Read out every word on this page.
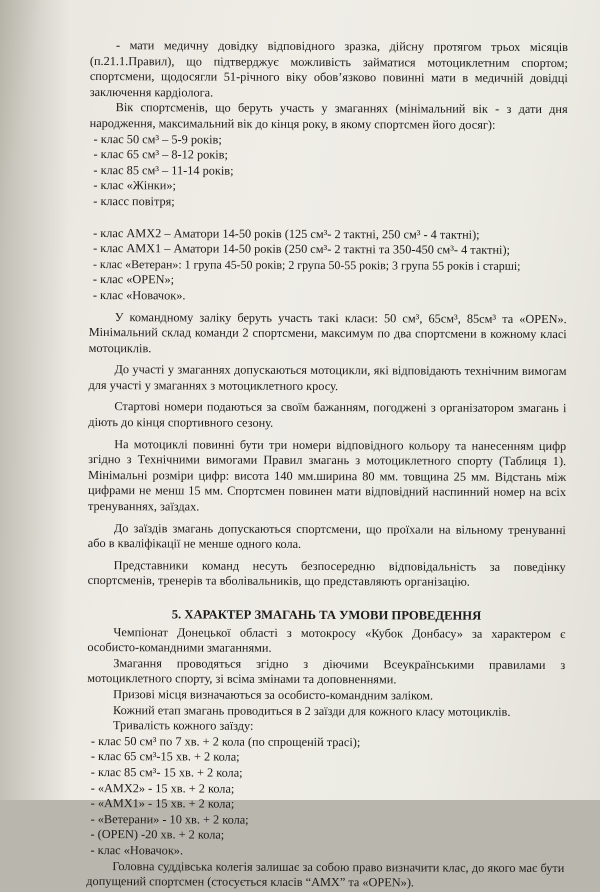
- мати медичну довідку відповідного зразка, дійсну протягом трьох місяців (п.21.1.Правил), що підтверджує можливість займатися мотоциклетним спортом; спортсмени, щодосягли 51-річного віку обов’язково повинні мати в медичній довідці заключення кардіолога.

Вік спортсменів, що беруть участь у змаганнях (мінімальний вік - з дати дня народження, максимальний вік до кінця року, в якому спортсмен його досяг):

- клас 50 см³ – 5-9 років;

- клас 65 см³ – 8-12 років;

- клас 85 см³ – 11-14 років;

- клас «Жінки»;

- класс повітря;

- клас АМХ2 – Аматори 14-50 років (125 см³- 2 тактні, 250 см³ - 4 тактні);

- клас АМХ1 – Аматори 14-50 років (250 см³- 2 тактні та 350-450 см³- 4 тактні);

- клас «Ветеран»: 1 група 45-50 років; 2 група 50-55 років; 3 група 55 років і старші;

- клас «OPEN»;

- клас «Новачок».

У командному заліку беруть участь такі класи: 50 см³, 65см³, 85см³ та «OPEN». Мінімальний склад команди 2 спортсмени, максимум по два спортсмени в кожному класі мотоциклів.

До участі у змаганнях допускаються мотоцикли, які відповідають технічним вимогам для участі у змаганнях з мотоциклетного кросу.

Стартові номери подаються за своїм бажанням, погоджені з організатором змагань і діють до кінця спортивного сезону.

На мотоциклі повинні бути три номери відповідного кольору та нанесенням цифр згідно з Технічними вимогами Правил змагань з мотоциклетного спорту (Таблиця 1). Мінімальні розміри цифр: висота 140 мм.ширина 80 мм. товщина 25 мм. Відстань між цифрами не менш 15 мм. Спортсмен повинен мати відповідний наспинний номер на всіх тренуваннях, заїздах.

До заїздів змагань допускаються спортсмени, що проїхали на вільному тренуванні або в кваліфікації не менше одного кола.

Представники команд несуть безпосередню відповідальність за поведінку спортсменів, тренерів та вболівальників, що представляють організацію.

5. ХАРАКТЕР ЗМАГАНЬ ТА УМОВИ ПРОВЕДЕННЯ

Чемпіонат Донецької області з мотокросу «Кубок Донбасу» за характером є особисто-командними змаганнями.

Змагання проводяться згідно з діючими Всеукраїнськими правилами з мотоциклетного спорту, зі всіма змінами та доповненнями.

Призові місця визначаються за особисто-командним заліком.

Кожний етап змагань проводиться в 2 заїзди для кожного класу мотоциклів.

Тривалість кожного заїзду:

- клас 50 см³ по 7 хв. + 2 кола (по спрощеній трасі);

- клас 65 см³-15 хв. + 2 кола;

- клас 85 см³- 15 хв. + 2 кола;

- «АМХ2» - 15 хв. + 2 кола;

- «АМХ1» - 15 хв. + 2 кола;

- «Ветерани» - 10 хв. + 2 кола;

- (OPEN) -20 хв. + 2 кола;

- клас «Новачок».

Головна суддівська колегія залишає за собою право визначити клас, до якого має бути допущений спортсмен (стосується класів “АМХ” та «OPEN»).
